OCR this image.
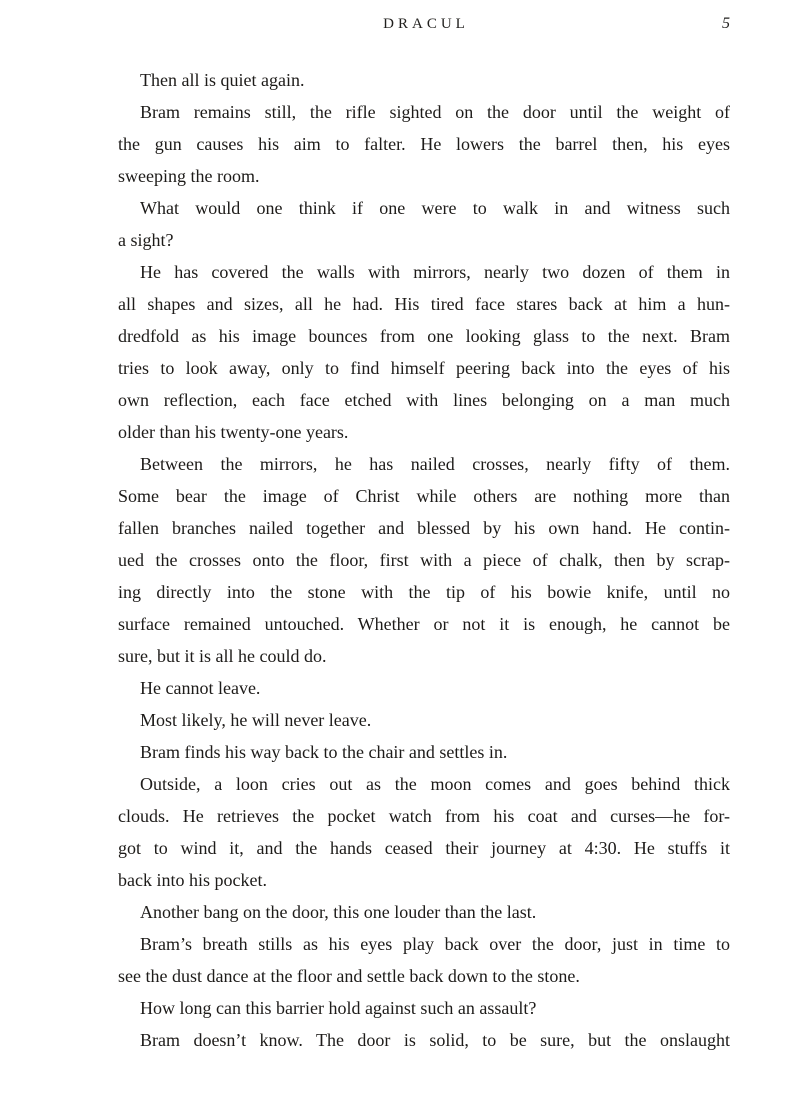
DRACUL	5

Then all is quiet again.

Bram remains still, the rifle sighted on the door until the weight of
the gun causes his aim to falter. He lowers the barrel then, his eyes
sweeping the room.

What would one think if one were to walk in and witness such
a sight?

He has covered the walls with mirrors, nearly two dozen of them in
all shapes and sizes, all he had. His tired face stares back at him a hun-
dredfold as his image bounces from one looking glass to the next. Bram
tries to look away, only to find himself peering back into the eyes of his
own reflection, each face etched with lines belonging on a man much
older than his twenty-one years.

Between the mirrors, he has nailed crosses, nearly fifty of them.
Some bear the image of Christ while others are nothing more than
fallen branches nailed together and blessed by his own hand. He contin-
ued the crosses onto the floor, first with a piece of chalk, then by scrap-
ing directly into the stone with the tip of his bowie knife, until no
surface remained untouched. Whether or not it is enough, he cannot be
sure, but it is all he could do.

He cannot leave.

Most likely, he will never leave.

Bram finds his way back to the chair and settles in.

Outside, a loon cries out as the moon comes and goes behind thick
clouds. He retrieves the pocket watch from his coat and curses—he for-
got to wind it, and the hands ceased their journey at 4:30. He stuffs it
back into his pocket.

Another bang on the door, this one louder than the last.

Bram’s breath stills as his eyes play back over the door, just in time to
see the dust dance at the floor and settle back down to the stone.

How long can this barrier hold against such an assault?

Bram doesn’t know. The door is solid, to be sure, but the onslaught
